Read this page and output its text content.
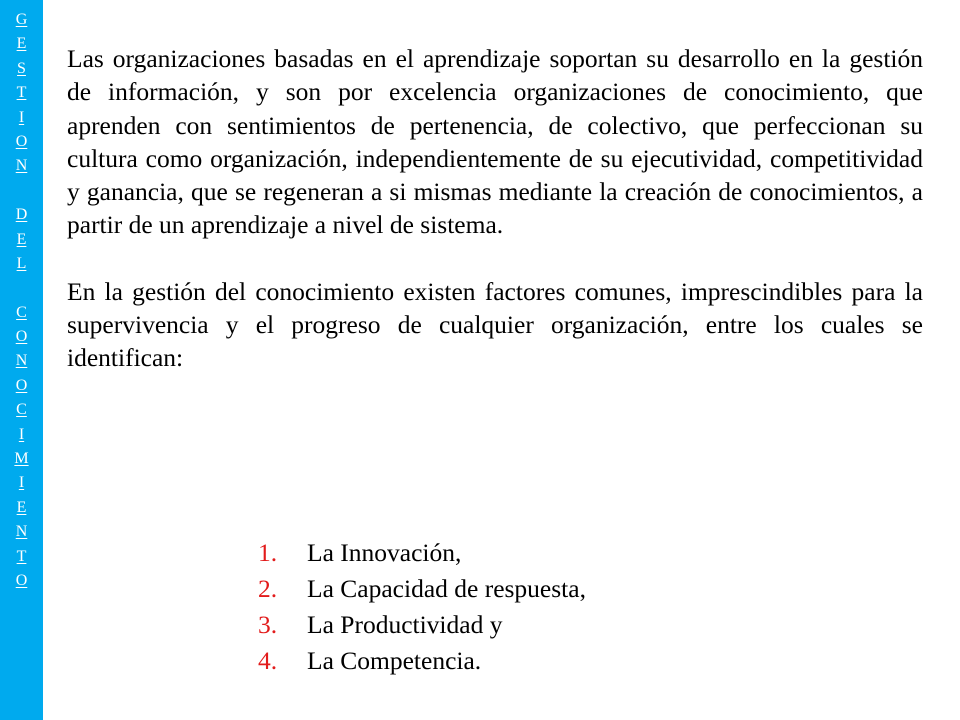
G
E
S
T
I
O
N
D
E
L
C
O
N
O
C
I
M
I
E
N
T
O

Las organizaciones basadas en el aprendizaje soportan su desarrollo en la gestión de información, y son por excelencia organizaciones de conocimiento, que aprenden con sentimientos de pertenencia, de colectivo, que perfeccionan su cultura como organización, independientemente de su ejecutividad, competitividad y ganancia, que se regeneran a si mismas mediante la creación de conocimientos, a partir de un aprendizaje a nivel de sistema.

En la gestión del conocimiento existen factores comunes, imprescindibles para la supervivencia y el progreso de cualquier organización, entre los cuales se identifican:

1. La Innovación,
2. La Capacidad de respuesta,
3. La Productividad y
4. La Competencia.
